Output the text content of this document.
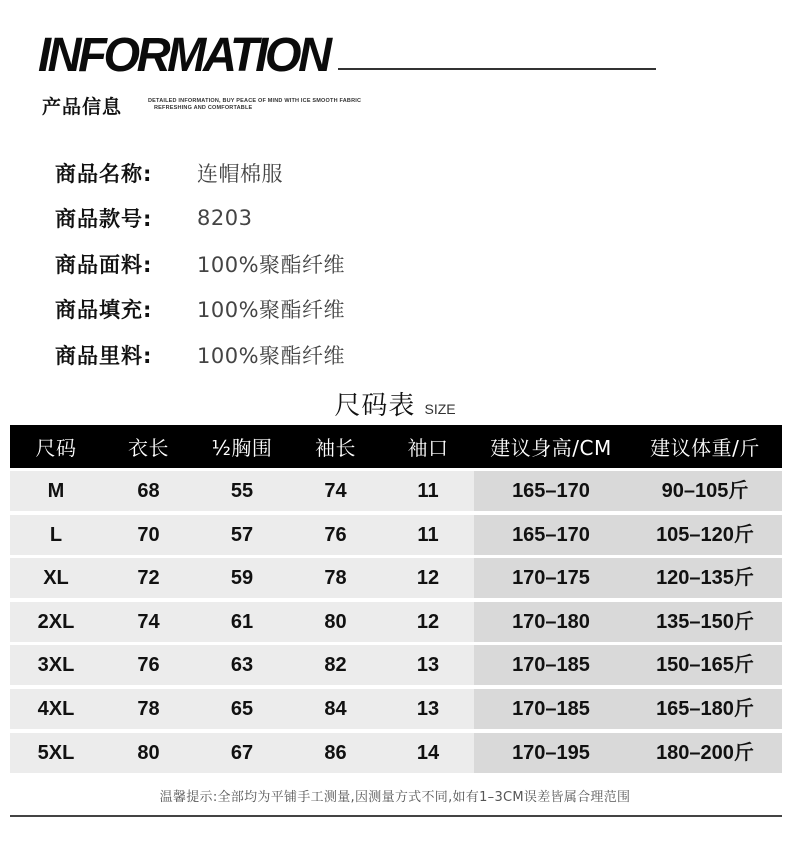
INFORMATION
产品信息	DETAILED INFORMATION, BUY PEACE OF MIND WITH ICE SMOOTH FABRIC
REFRESHING AND COMFORTABLE
商品名称:	连帽棉服
商品款号:	8203
商品面料:	100%聚酯纤维
商品填充:	100%聚酯纤维
商品里料:	100%聚酯纤维
尺码表 SIZE
尺码	衣长	½胸围	袖长	袖口	建议身高/CM	建议体重/斤
M	68	55	74	11	165–170	90–105斤
L	70	57	76	11	165–170	105–120斤
XL	72	59	78	12	170–175	120–135斤
2XL	74	61	80	12	170–180	135–150斤
3XL	76	63	82	13	170–185	150–165斤
4XL	78	65	84	13	170–185	165–180斤
5XL	80	67	86	14	170–195	180–200斤
温馨提示:全部均为平铺手工测量,因测量方式不同,如有1–3CM误差皆属合理范围
